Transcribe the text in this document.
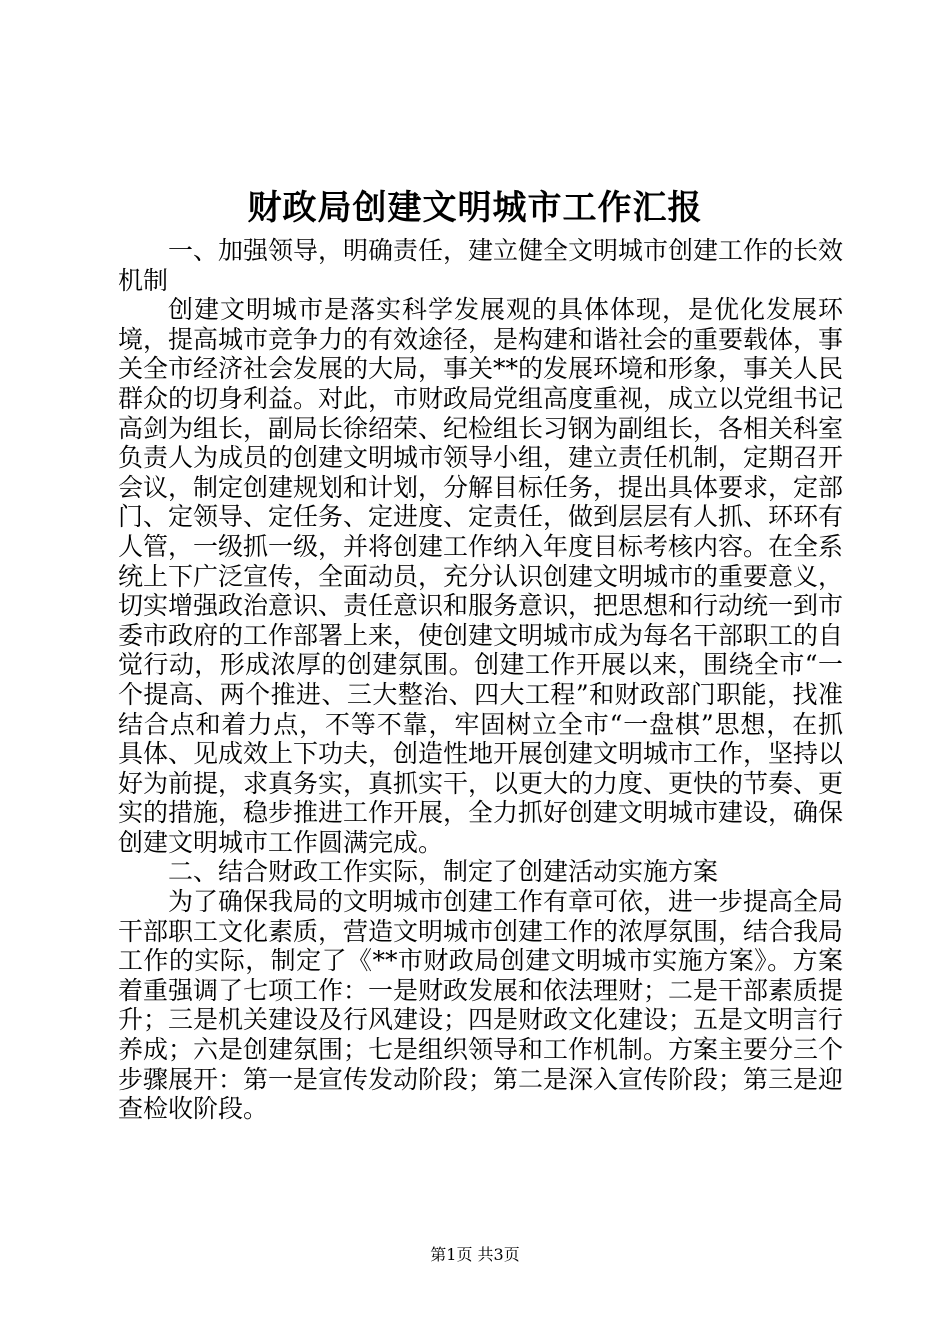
财政局创建文明城市工作汇报

一、加强领导，明确责任，建立健全文明城市创建工作的长效机制

创建文明城市是落实科学发展观的具体体现，是优化发展环境，提高城市竞争力的有效途径，是构建和谐社会的重要载体，事关全市经济社会发展的大局，事关**的发展环境和形象，事关人民群众的切身利益。对此，市财政局党组高度重视，成立以党组书记高剑为组长，副局长徐绍荣、纪检组长习钢为副组长，各相关科室负责人为成员的创建文明城市领导小组，建立责任机制，定期召开会议，制定创建规划和计划，分解目标任务，提出具体要求，定部门、定领导、定任务、定进度、定责任，做到层层有人抓、环环有人管，一级抓一级，并将创建工作纳入年度目标考核内容。在全系统上下广泛宣传，全面动员，充分认识创建文明城市的重要意义，切实增强政治意识、责任意识和服务意识，把思想和行动统一到市委市政府的工作部署上来，使创建文明城市成为每名干部职工的自觉行动，形成浓厚的创建氛围。创建工作开展以来，围绕全市“一个提高、两个推进、三大整治、四大工程”和财政部门职能，找准结合点和着力点，不等不靠，牢固树立全市“一盘棋”思想，在抓具体、见成效上下功夫，创造性地开展创建文明城市工作，坚持以好为前提，求真务实，真抓实干，以更大的力度、更快的节奏、更实的措施，稳步推进工作开展，全力抓好创建文明城市建设，确保创建文明城市工作圆满完成。

二、结合财政工作实际，制定了创建活动实施方案

为了确保我局的文明城市创建工作有章可依，进一步提高全局干部职工文化素质，营造文明城市创建工作的浓厚氛围，结合我局工作的实际，制定了《**市财政局创建文明城市实施方案》。方案着重强调了七项工作：一是财政发展和依法理财；二是干部素质提升；三是机关建设及行风建设；四是财政文化建设；五是文明言行养成；六是创建氛围；七是组织领导和工作机制。方案主要分三个步骤展开：第一是宣传发动阶段；第二是深入宣传阶段；第三是迎查检收阶段。

第1页 共3页
